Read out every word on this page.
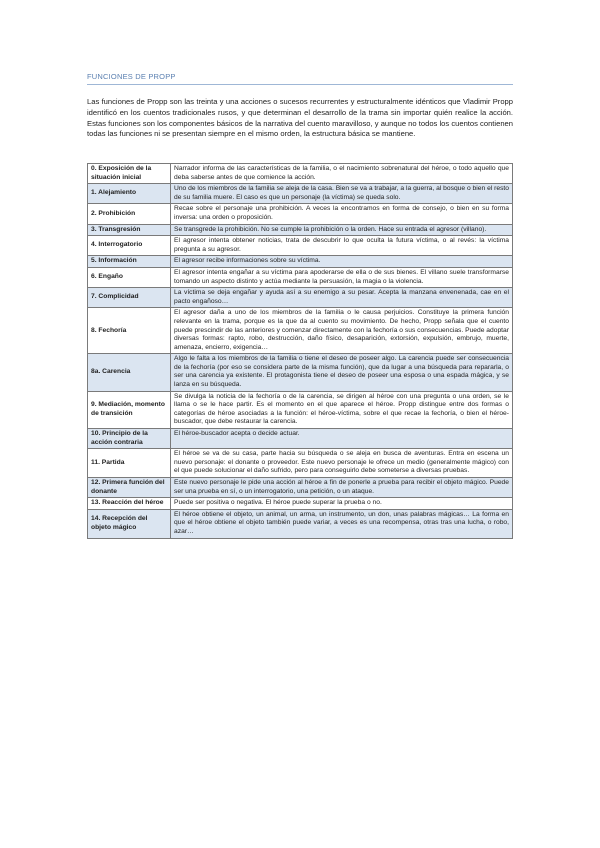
FUNCIONES DE PROPP
Las funciones de Propp son las treinta y una acciones o sucesos recurrentes y estructuralmente idénticos que Vladimir Propp identificó en los cuentos tradicionales rusos, y que determinan el desarrollo de la trama sin importar quién realice la acción. Estas funciones son los componentes básicos de la narrativa del cuento maravilloso, y aunque no todos los cuentos contienen todas las funciones ni se presentan siempre en el mismo orden, la estructura básica se mantiene.
0. Exposición de la situación inicial	Narrador informa de las características de la familia, o el nacimiento sobrenatural del héroe, o todo aquello que deba saberse antes de que comience la acción.
1. Alejamiento	Uno de los miembros de la familia se aleja de la casa. Bien se va a trabajar, a la guerra, al bosque o bien el resto de su familia muere. El caso es que un personaje (la víctima) se queda solo.
2. Prohibición	Recae sobre el personaje una prohibición. A veces la encontramos en forma de consejo, o bien en su forma inversa: una orden o proposición.
3. Transgresión	Se transgrede la prohibición. No se cumple la prohibición o la orden. Hace su entrada el agresor (villano).
4. Interrogatorio	El agresor intenta obtener noticias, trata de descubrir lo que oculta la futura víctima, o al revés: la víctima pregunta a su agresor.
5. Información	El agresor recibe informaciones sobre su víctima.
6. Engaño	El agresor intenta engañar a su víctima para apoderarse de ella o de sus bienes. El villano suele transformarse tomando un aspecto distinto y actúa mediante la persuasión, la magia o la violencia.
7. Complicidad	La víctima se deja engañar y ayuda así a su enemigo a su pesar. Acepta la manzana envenenada, cae en el pacto engañoso…
8. Fechoría	El agresor daña a uno de los miembros de la familia o le causa perjuicios. Constituye la primera función relevante en la trama, porque es la que da al cuento su movimiento. De hecho, Propp señala que el cuento puede prescindir de las anteriores y comenzar directamente con la fechoría o sus consecuencias. Puede adoptar diversas formas: rapto, robo, destrucción, daño físico, desaparición, extorsión, expulsión, embrujo, muerte, amenaza, encierro, exigencia…
8a. Carencia	Algo le falta a los miembros de la familia o tiene el deseo de poseer algo. La carencia puede ser consecuencia de la fechoría (por eso se considera parte de la misma función), que da lugar a una búsqueda para repararla, o ser una carencia ya existente. El protagonista tiene el deseo de poseer una esposa o una espada mágica, y se lanza en su búsqueda.
9. Mediación, momento de transición	Se divulga la noticia de la fechoría o de la carencia, se dirigen al héroe con una pregunta o una orden, se le llama o se le hace partir. Es el momento en el que aparece el héroe. Propp distingue entre dos formas o categorías de héroe asociadas a la función: el héroe-víctima, sobre el que recae la fechoría, o bien el héroe-buscador, que debe restaurar la carencia.
10. Principio de la acción contraria	El héroe-buscador acepta o decide actuar.
11. Partida	El héroe se va de su casa, parte hacia su búsqueda o se aleja en busca de aventuras. Entra en escena un nuevo personaje: el donante o proveedor. Este nuevo personaje le ofrece un medio (generalmente mágico) con el que puede solucionar el daño sufrido, pero para conseguirlo debe someterse a diversas pruebas.
12. Primera función del donante	Este nuevo personaje le pide una acción al héroe a fin de ponerle a prueba para recibir el objeto mágico. Puede ser una prueba en sí, o un interrogatorio, una petición, o un ataque.
13. Reacción del héroe	Puede ser positiva o negativa. El héroe puede superar la prueba o no.
14. Recepción del objeto mágico	El héroe obtiene el objeto, un animal, un arma, un instrumento, un don, unas palabras mágicas… La forma en que el héroe obtiene el objeto también puede variar, a veces es una recompensa, otras tras una lucha, o robo, azar…
